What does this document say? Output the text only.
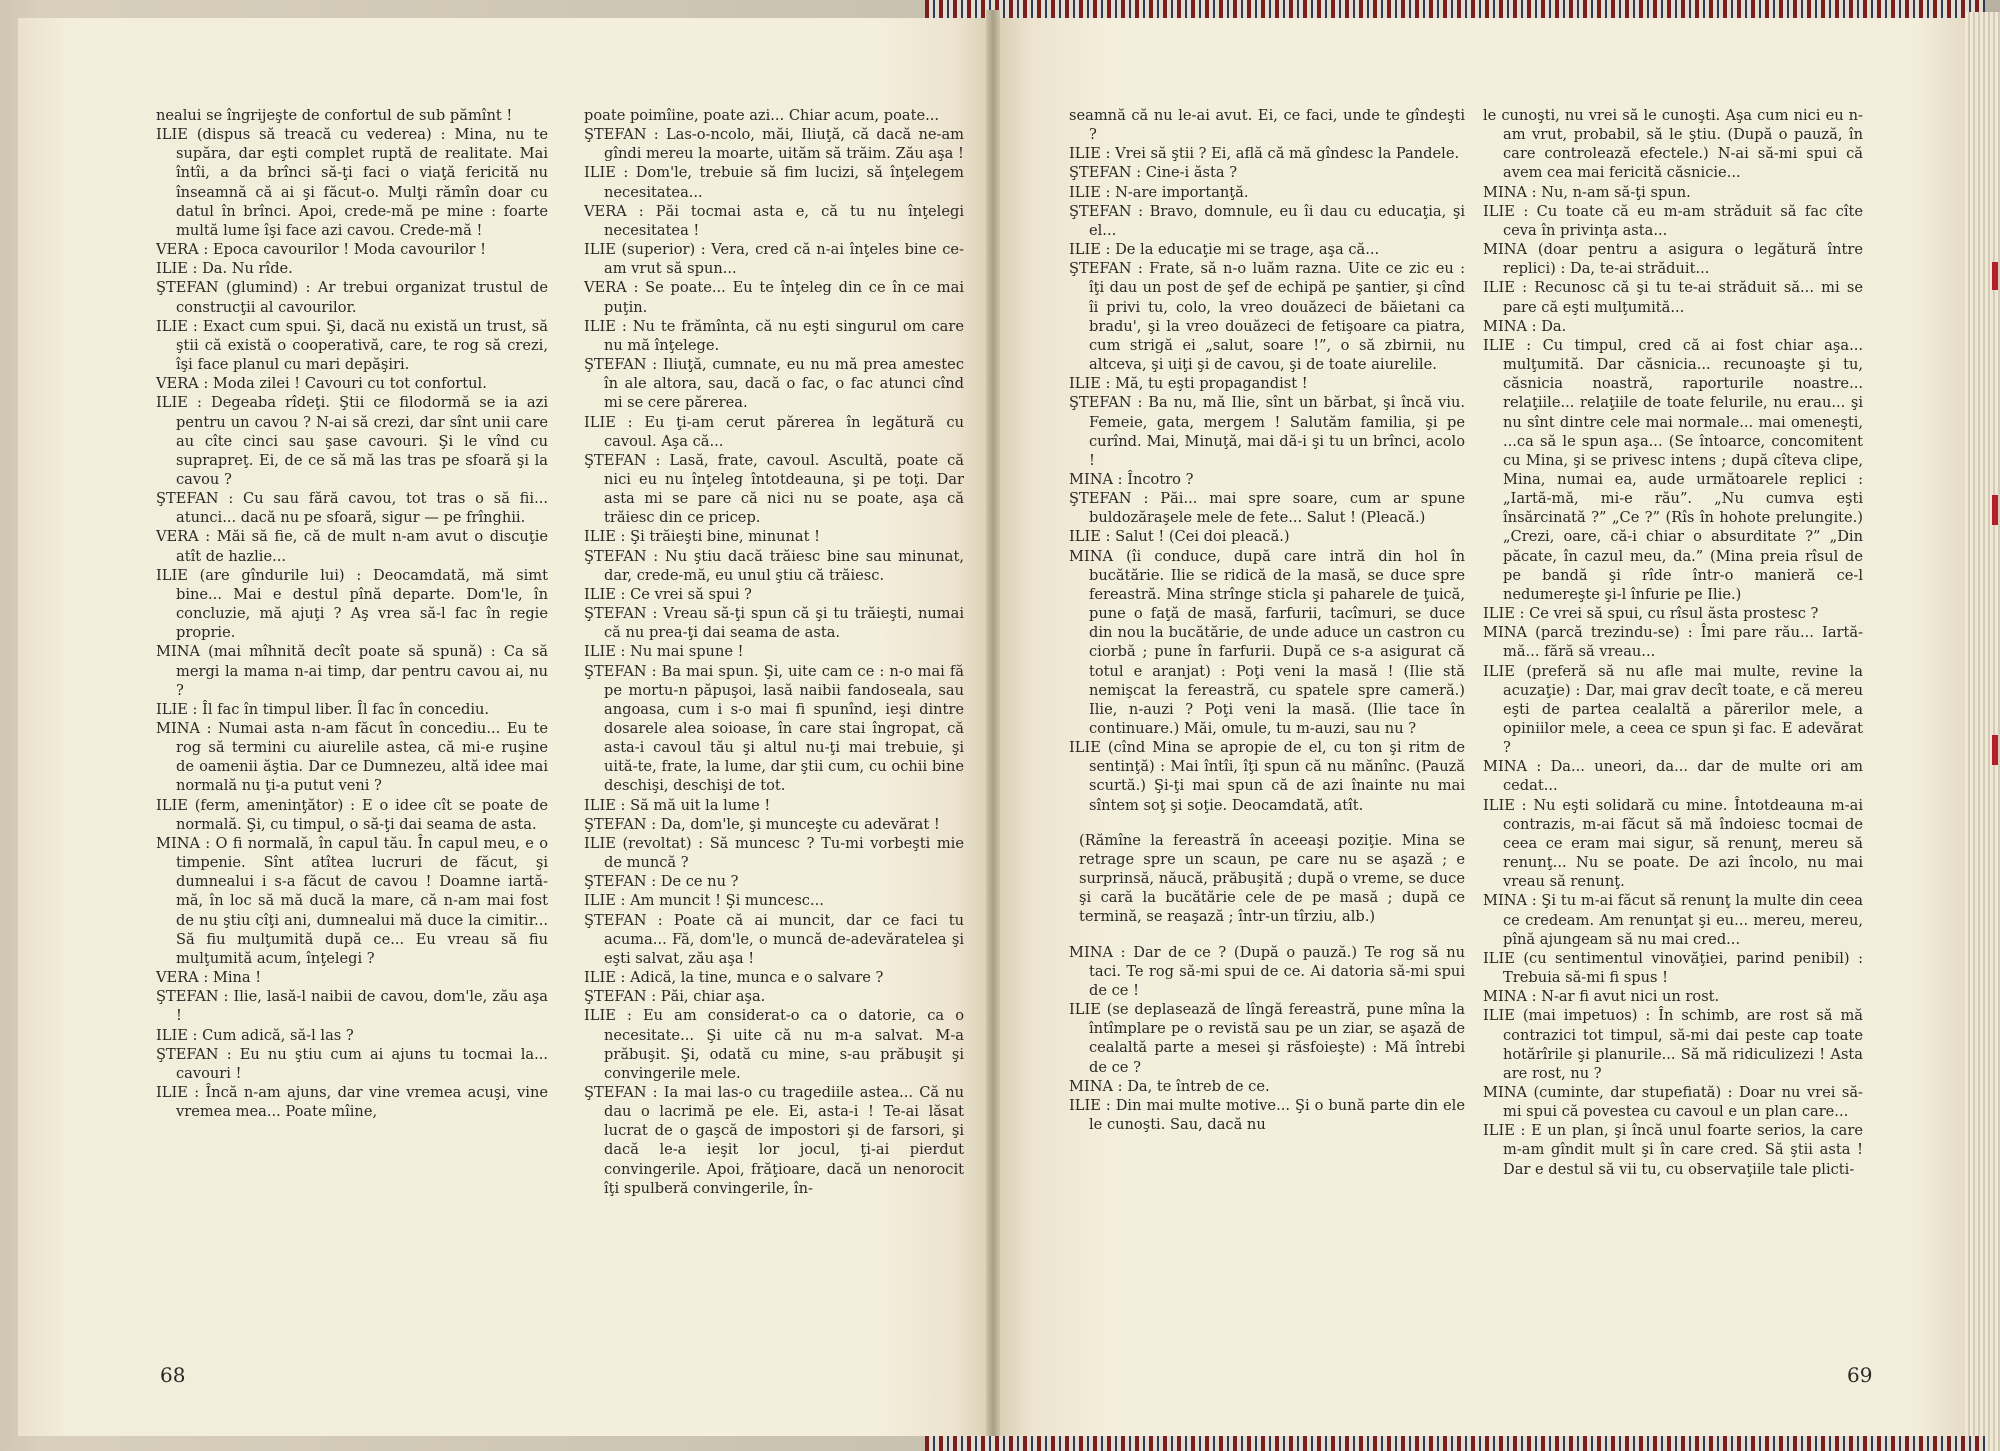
nealui se îngrijeşte de confortul de sub pămînt !

ILIE (dispus să treacă cu vederea) : Mina, nu te supăra, dar eşti complet ruptă de realitate. Mai întîi, a da brînci să-ţi faci o viaţă fericită nu înseamnă că ai şi făcut-o. Mulţi rămîn doar cu datul în brînci. Apoi, crede-mă pe mine : foarte multă lume îşi face azi cavou. Crede-mă !

VERA : Epoca cavourilor ! Moda cavourilor !

ILIE : Da. Nu rîde.

ŞTEFAN (glumind) : Ar trebui organizat trustul de construcţii al cavourilor.

ILIE : Exact cum spui. Şi, dacă nu există un trust, să ştii că există o cooperativă, care, te rog să crezi, îşi face planul cu mari depăşiri.

VERA : Moda zilei ! Cavouri cu tot confortul.

ILIE : Degeaba rîdeţi. Ştii ce filodormă se ia azi pentru un cavou ? N-ai să crezi, dar sînt unii care au cîte cinci sau şase cavouri. Şi le vînd cu suprapreţ. Ei, de ce să mă las tras pe sfoară şi la cavou ?

ŞTEFAN : Cu sau fără cavou, tot tras o să fii... atunci... dacă nu pe sfoară, sigur — pe frînghii.

VERA : Măi să fie, că de mult n-am avut o discuţie atît de hazlie...

ILIE (are gîndurile lui) : Deocamdată, mă simt bine... Mai e destul pînă departe. Dom'le, în concluzie, mă ajuţi ? Aş vrea să-l fac în regie proprie.

MINA (mai mîhnită decît poate să spună) : Ca să mergi la mama n-ai timp, dar pentru cavou ai, nu ?

ILIE : Îl fac în timpul liber. Îl fac în concediu.

MINA : Numai asta n-am făcut în concediu... Eu te rog să termini cu aiurelile astea, că mi-e ruşine de oamenii ăştia. Dar ce Dumnezeu, altă idee mai normală nu ţi-a putut veni ?

ILIE (ferm, ameninţător) : E o idee cît se poate de normală. Şi, cu timpul, o să-ţi dai seama de asta.

MINA : O fi normală, în capul tău. În capul meu, e o timpenie. Sînt atîtea lucruri de făcut, şi dumnealui i s-a făcut de cavou ! Doamne iartă-mă, în loc să mă ducă la mare, că n-am mai fost de nu ştiu cîţi ani, dumnealui mă duce la cimitir... Să fiu mulţumită după ce... Eu vreau să fiu mulţumită acum, înţelegi ?

VERA : Mina !

ŞTEFAN : Ilie, lasă-l naibii de cavou, dom'le, zău aşa !

ILIE : Cum adică, să-l las ?

ŞTEFAN : Eu nu ştiu cum ai ajuns tu tocmai la... cavouri !

ILIE : Încă n-am ajuns, dar vine vremea acuşi, vine vremea mea... Poate mîine,

poate poimîine, poate azi... Chiar acum, poate...

ŞTEFAN : Las-o-ncolo, măi, Iliuţă, că dacă ne-am gîndi mereu la moarte, uităm să trăim. Zău aşa !

ILIE : Dom'le, trebuie să fim lucizi, să înţelegem necesitatea...

VERA : Păi tocmai asta e, că tu nu înţelegi necesitatea !

ILIE (superior) : Vera, cred că n-ai înţeles bine ce-am vrut să spun...

VERA : Se poate... Eu te înţeleg din ce în ce mai puţin.

ILIE : Nu te frămînta, că nu eşti singurul om care nu mă înţelege.

ŞTEFAN : Iliuţă, cumnate, eu nu mă prea amestec în ale altora, sau, dacă o fac, o fac atunci cînd mi se cere părerea.

ILIE : Eu ţi-am cerut părerea în legătură cu cavoul. Aşa că...

ŞTEFAN : Lasă, frate, cavoul. Ascultă, poate că nici eu nu înţeleg întotdeauna, şi pe toţi. Dar asta mi se pare că nici nu se poate, aşa că trăiesc din ce pricep.

ILIE : Şi trăieşti bine, minunat !

ŞTEFAN : Nu ştiu dacă trăiesc bine sau minunat, dar, crede-mă, eu unul ştiu că trăiesc.

ILIE : Ce vrei să spui ?

ŞTEFAN : Vreau să-ţi spun că şi tu trăieşti, numai că nu prea-ţi dai seama de asta.

ILIE : Nu mai spune !

ŞTEFAN : Ba mai spun. Şi, uite cam ce : n-o mai fă pe mortu-n păpuşoi, lasă naibii fandoseala, sau angoasa, cum i s-o mai fi spunînd, ieşi dintre dosarele alea soioase, în care stai îngropat, că asta-i cavoul tău şi altul nu-ţi mai trebuie, şi uită-te, frate, la lume, dar ştii cum, cu ochii bine deschişi, deschişi de tot.

ILIE : Să mă uit la lume !

ŞTEFAN : Da, dom'le, şi munceşte cu adevărat !

ILIE (revoltat) : Să muncesc ? Tu-mi vorbeşti mie de muncă ?

ŞTEFAN : De ce nu ?

ILIE : Am muncit ! Şi muncesc...

ŞTEFAN : Poate că ai muncit, dar ce faci tu acuma... Fă, dom'le, o muncă de-adevăratelea şi eşti salvat, zău aşa !

ILIE : Adică, la tine, munca e o salvare ?

ŞTEFAN : Păi, chiar aşa.

ILIE : Eu am considerat-o ca o datorie, ca o necesitate... Şi uite că nu m-a salvat. M-a prăbuşit. Şi, odată cu mine, s-au prăbuşit şi convingerile mele.

ŞTEFAN : Ia mai las-o cu tragediile astea... Că nu dau o lacrimă pe ele. Ei, asta-i ! Te-ai lăsat lucrat de o gaşcă de impostori şi de farsori, şi dacă le-a ieşit lor jocul, ţi-ai pierdut convingerile. Apoi, frăţioare, dacă un nenorocit îţi spulberă convingerile, în-

68

seamnă că nu le-ai avut. Ei, ce faci, unde te gîndeşti ?

ILIE : Vrei să ştii ? Ei, află că mă gîndesc la Pandele.

ŞTEFAN : Cine-i ăsta ?

ILIE : N-are importanţă.

ŞTEFAN : Bravo, domnule, eu îi dau cu educaţia, şi el...

ILIE : De la educaţie mi se trage, aşa că...

ŞTEFAN : Frate, să n-o luăm razna. Uite ce zic eu : îţi dau un post de şef de echipă pe şantier, şi cînd îi privi tu, colo, la vreo douăzeci de băietani ca bradu', şi la vreo douăzeci de fetişoare ca piatra, cum strigă ei „salut, soare !”, o să zbirnii, nu altceva, şi uiţi şi de cavou, şi de toate aiurelile.

ILIE : Mă, tu eşti propagandist !

ŞTEFAN : Ba nu, mă Ilie, sînt un bărbat, şi încă viu. Femeie, gata, mergem ! Salutăm familia, şi pe curînd. Mai, Minuţă, mai dă-i şi tu un brînci, acolo !

MINA : Încotro ?

ŞTEFAN : Păi... mai spre soare, cum ar spune buldozăraşele mele de fete... Salut ! (Pleacă.)

ILIE : Salut ! (Cei doi pleacă.)

MINA (îi conduce, după care intră din hol în bucătărie. Ilie se ridică de la masă, se duce spre fereastră. Mina strînge sticla şi paharele de ţuică, pune o faţă de masă, farfurii, tacîmuri, se duce din nou la bucătărie, de unde aduce un castron cu ciorbă ; pune în farfurii. După ce s-a asigurat că totul e aranjat) : Poţi veni la masă ! (Ilie stă nemişcat la fereastră, cu spatele spre cameră.) Ilie, n-auzi ? Poţi veni la masă. (Ilie tace în continuare.) Măi, omule, tu m-auzi, sau nu ?

ILIE (cînd Mina se apropie de el, cu ton şi ritm de sentinţă) : Mai întîi, îţi spun că nu mănînc. (Pauză scurtă.) Şi-ţi mai spun că de azi înainte nu mai sîntem soţ şi soţie. Deocamdată, atît.

(Rămîne la fereastră în aceeaşi poziţie. Mina se retrage spre un scaun, pe care nu se aşază ; e surprinsă, năucă, prăbuşită ; după o vreme, se duce şi cară la bucătărie cele de pe masă ; după ce termină, se reaşază ; într-un tîrziu, alb.)

MINA : Dar de ce ? (După o pauză.) Te rog să nu taci. Te rog să-mi spui de ce. Ai datoria să-mi spui de ce !

ILIE (se deplasează de lîngă fereastră, pune mîna la întîmplare pe o revistă sau pe un ziar, se aşază de cealaltă parte a mesei şi răsfoieşte) : Mă întrebi de ce ?

MINA : Da, te întreb de ce.

ILIE : Din mai multe motive... Şi o bună parte din ele le cunoşti. Sau, dacă nu

le cunoşti, nu vrei să le cunoşti. Aşa cum nici eu n-am vrut, probabil, să le ştiu. (După o pauză, în care controlează efectele.) N-ai să-mi spui că avem cea mai fericită căsnicie...

MINA : Nu, n-am să-ţi spun.

ILIE : Cu toate că eu m-am străduit să fac cîte ceva în privinţa asta...

MINA (doar pentru a asigura o legătură între replici) : Da, te-ai străduit...

ILIE : Recunosc că şi tu te-ai străduit să... mi se pare că eşti mulţumită...

MINA : Da.

ILIE : Cu timpul, cred că ai fost chiar aşa... mulţumită. Dar căsnicia... recunoaşte şi tu, căsnicia noastră, raporturile noastre... relaţiile... relaţiile de toate felurile, nu erau... şi nu sînt dintre cele mai normale... mai omeneşti, ...ca să le spun aşa... (Se întoarce, concomitent cu Mina, şi se privesc intens ; după cîteva clipe, Mina, numai ea, aude următoarele replici : „Iartă-mă, mi-e rău”. „Nu cumva eşti însărcinată ?” „Ce ?” (Rîs în hohote prelungite.) „Crezi, oare, că-i chiar o absurditate ?” „Din păcate, în cazul meu, da.” (Mina preia rîsul de pe bandă şi rîde într-o manieră ce-l nedumereşte şi-l înfurie pe Ilie.)

ILIE : Ce vrei să spui, cu rîsul ăsta prostesc ?

MINA (parcă trezindu-se) : Îmi pare rău... Iartă-mă... fără să vreau...

ILIE (preferă să nu afle mai multe, revine la acuzaţie) : Dar, mai grav decît toate, e că mereu eşti de partea cealaltă a părerilor mele, a opiniilor mele, a ceea ce spun şi fac. E adevărat ?

MINA : Da... uneori, da... dar de multe ori am cedat...

ILIE : Nu eşti solidară cu mine. Întotdeauna m-ai contrazis, m-ai făcut să mă îndoiesc tocmai de ceea ce eram mai sigur, să renunţ, mereu să renunţ... Nu se poate. De azi încolo, nu mai vreau să renunţ.

MINA : Şi tu m-ai făcut să renunţ la multe din ceea ce credeam. Am renunţat şi eu... mereu, mereu, pînă ajungeam să nu mai cred...

ILIE (cu sentimentul vinovăţiei, parind penibil) : Trebuia să-mi fi spus !

MINA : N-ar fi avut nici un rost.

ILIE (mai impetuos) : În schimb, are rost să mă contrazici tot timpul, să-mi dai peste cap toate hotărîrile şi planurile... Să mă ridiculizezi ! Asta are rost, nu ?

MINA (cuminte, dar stupefiată) : Doar nu vrei să-mi spui că povestea cu cavoul e un plan care...

ILIE : E un plan, şi încă unul foarte serios, la care m-am gîndit mult şi în care cred. Să ştii asta ! Dar e destul să vii tu, cu observaţiile tale plicti-

69
